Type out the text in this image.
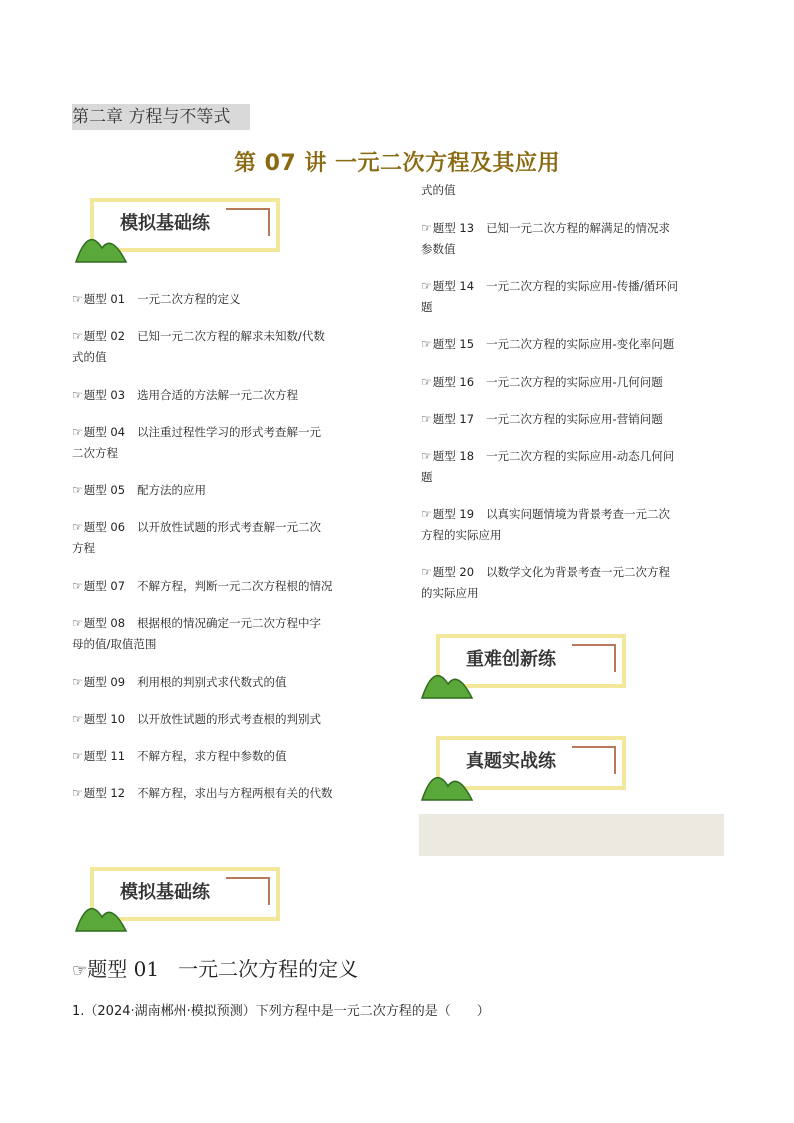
第二章 方程与不等式
第 07 讲 一元二次方程及其应用
模拟基础练
☞题型 01 一元二次方程的定义
☞题型 02 已知一元二次方程的解求未知数/代数
式的值
☞题型 03 选用合适的方法解一元二次方程
☞题型 04 以注重过程性学习的形式考查解一元
二次方程
☞题型 05 配方法的应用
☞题型 06 以开放性试题的形式考查解一元二次
方程
☞题型 07 不解方程，判断一元二次方程根的情况
☞题型 08 根据根的情况确定一元二次方程中字
母的值/取值范围
☞题型 09 利用根的判别式求代数式的值
☞题型 10 以开放性试题的形式考查根的判别式
☞题型 11 不解方程，求方程中参数的值
☞题型 12 不解方程，求出与方程两根有关的代数
式的值
☞题型 13 已知一元二次方程的解满足的情况求
参数值
☞题型 14 一元二次方程的实际应用-传播/循环问
题
☞题型 15 一元二次方程的实际应用-变化率问题
☞题型 16 一元二次方程的实际应用-几何问题
☞题型 17 一元二次方程的实际应用-营销问题
☞题型 18 一元二次方程的实际应用-动态几何问
题
☞题型 19 以真实问题情境为背景考查一元二次
方程的实际应用
☞题型 20 以数学文化为背景考查一元二次方程
的实际应用
重难创新练
真题实战练
模拟基础练
☞题型 01 一元二次方程的定义
1.（2024·湖南郴州·模拟预测）下列方程中是一元二次方程的是（　　）
